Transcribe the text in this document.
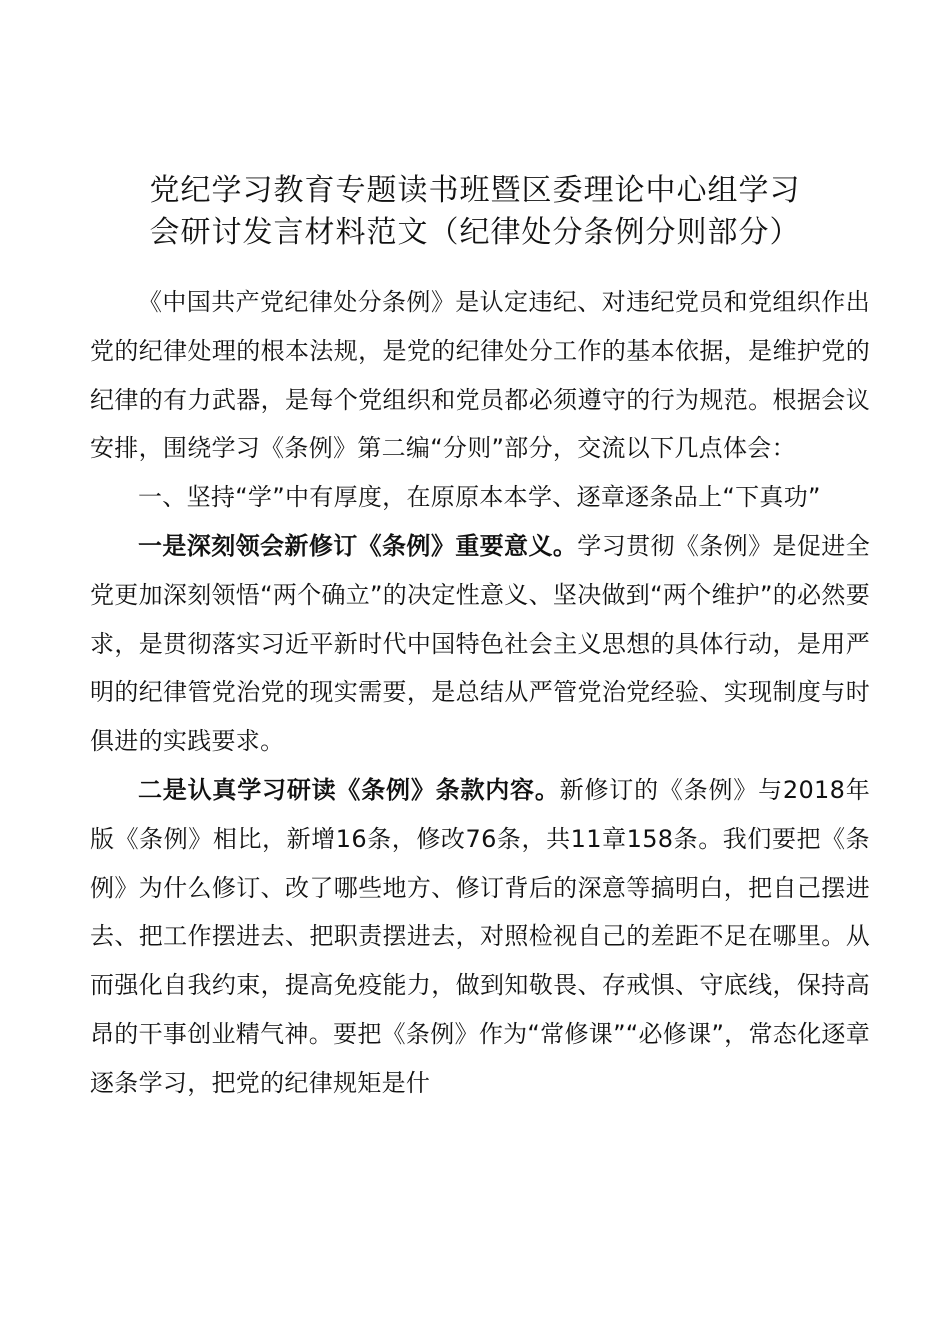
党纪学习教育专题读书班暨区委理论中心组学习
会研讨发言材料范文（纪律处分条例分则部分）

《中国共产党纪律处分条例》是认定违纪、对违纪党员和党组织作出党的纪律处理的根本法规，是党的纪律处分工作的基本依据，是维护党的纪律的有力武器，是每个党组织和党员都必须遵守的行为规范。根据会议安排，围绕学习《条例》第二编“分则”部分，交流以下几点体会：

一、坚持“学”中有厚度，在原原本本学、逐章逐条品上“下真功”

一是深刻领会新修订《条例》重要意义。学习贯彻《条例》是促进全党更加深刻领悟“两个确立”的决定性意义、坚决做到“两个维护”的必然要求，是贯彻落实习近平新时代中国特色社会主义思想的具体行动，是用严明的纪律管党治党的现实需要，是总结从严管党治党经验、实现制度与时俱进的实践要求。

二是认真学习研读《条例》条款内容。新修订的《条例》与2018年版《条例》相比，新增16条，修改76条，共11章158条。我们要把《条例》为什么修订、改了哪些地方、修订背后的深意等搞明白，把自己摆进去、把工作摆进去、把职责摆进去，对照检视自己的差距不足在哪里。从而强化自我约束，提高免疫能力，做到知敬畏、存戒惧、守底线，保持高昂的干事创业精气神。要把《条例》作为“常修课”“必修课”，常态化逐章逐条学习，把党的纪律规矩是什
